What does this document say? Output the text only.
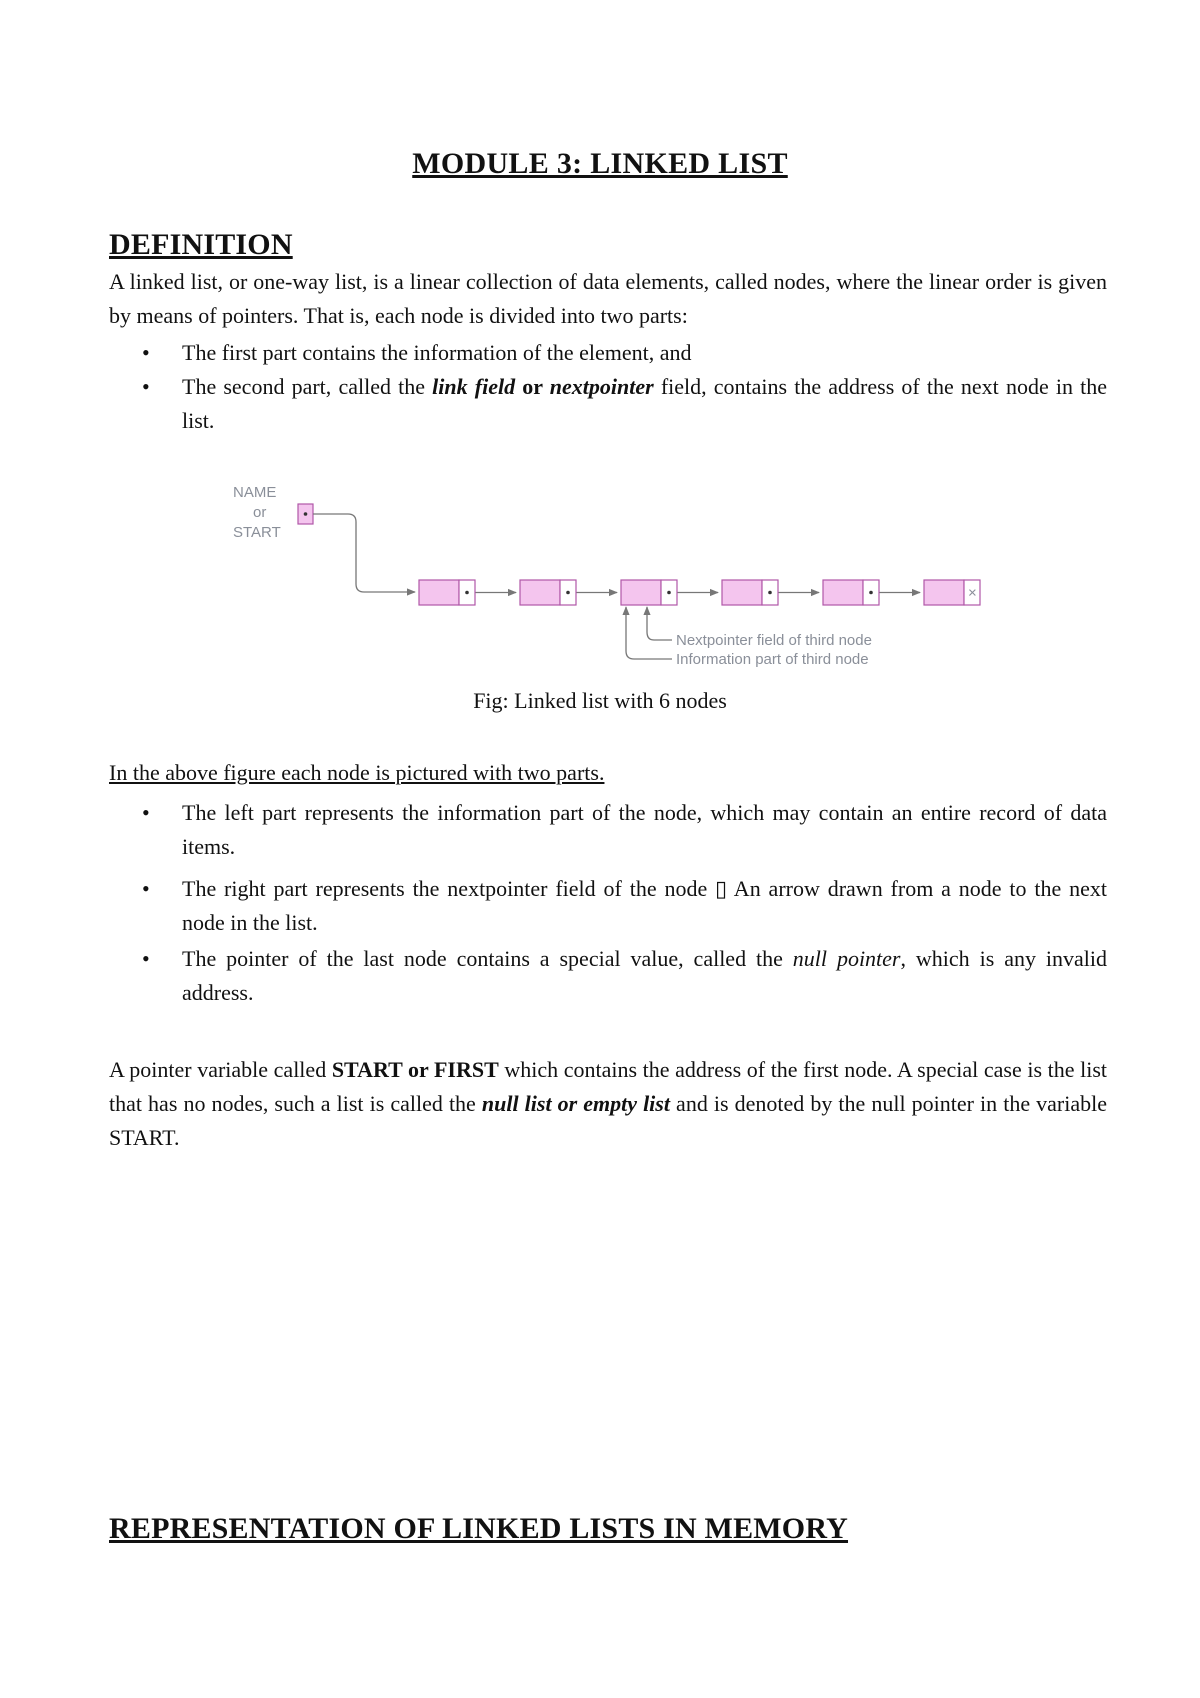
MODULE 3: LINKED LIST
DEFINITION
A linked list, or one-way list, is a linear collection of data elements, called nodes, where the linear order is given by means of pointers. That is, each node is divided into two parts:
• The first part contains the information of the element, and
• The second part, called the link field or nextpointer field, contains the address of the next node in the list.
NAME
or
START
×
Nextpointer field of third node
Information part of third node
Fig: Linked list with 6 nodes
In the above figure each node is pictured with two parts.
• The left part represents the information part of the node, which may contain an entire record of data items.
• The right part represents the nextpointer field of the node ▯ An arrow drawn from a node to the next node in the list.
• The pointer of the last node contains a special value, called the null pointer, which is any invalid address.
A pointer variable called START or FIRST which contains the address of the first node. A special case is the list that has no nodes, such a list is called the null list or empty list and is denoted by the null pointer in the variable START.
REPRESENTATION OF LINKED LISTS IN MEMORY
